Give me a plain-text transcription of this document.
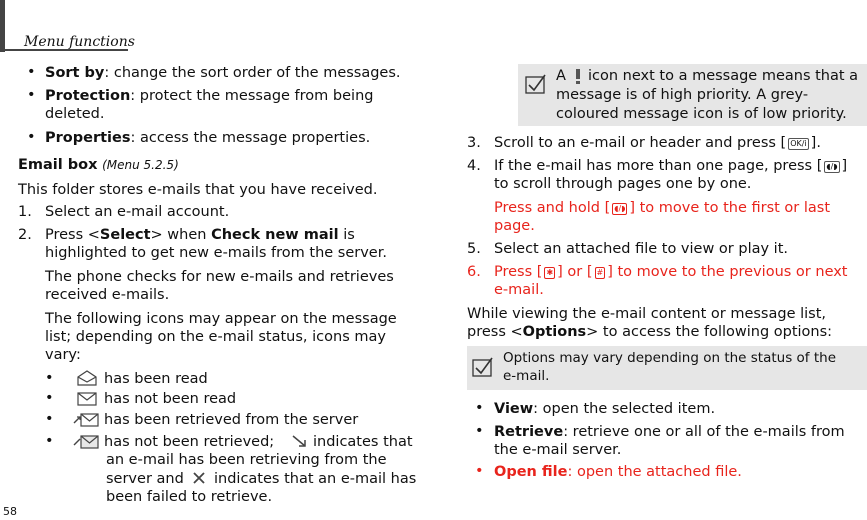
Menu functions
58
• Sort by: change the sort order of the messages.
• Protection: protect the message from being
deleted.
• Properties: access the message properties.
Email box (Menu 5.2.5)
This folder stores e-mails that you have received.
1. Select an e-mail account.
2. Press <Select> when Check new mail is
highlighted to get new e-mails from the server.
The phone checks for new e-mails and retrieves
received e-mails.
The following icons may appear on the message
list; depending on the e-mail status, icons may
vary:
•	has been read
•	has not been read
•	has been retrieved from the server
•	has not been retrieved;	indicates that
an e-mail has been retrieving from the
server and indicates that an e-mail has
been failed to retrieve.
A icon next to a message means that a
message is of high priority. A grey-
coloured message icon is of low priority.
3. Scroll to an e-mail or header and press [ OK/i ].
4. If the e-mail has more than one page, press [ ◖/◗ ]
to scroll through pages one by one.
Press and hold [ ◖/◗ ] to move to the first or last
page.
5. Select an attached file to view or play it.
6. Press [ ✱ ] or [ # ] to move to the previous or next
e-mail.
While viewing the e-mail content or message list,
press <Options> to access the following options:
Options may vary depending on the status of the
e-mail.
• View: open the selected item.
• Retrieve: retrieve one or all of the e-mails from
the e-mail server.
• Open file: open the attached file.
